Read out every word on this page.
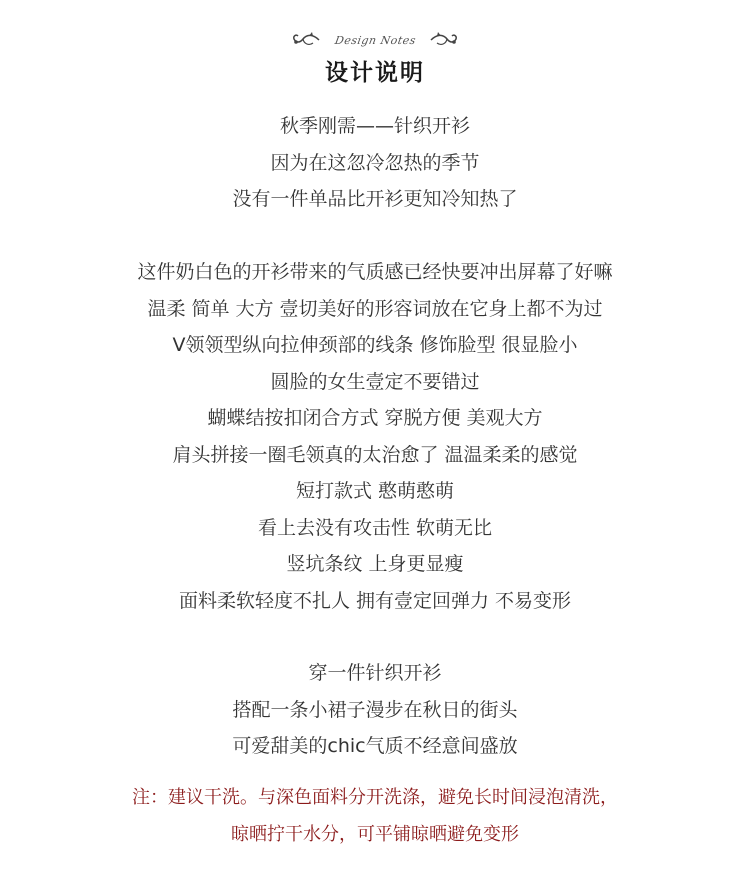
Design Notes
设计说明
秋季刚需——针织开衫
因为在这忽冷忽热的季节
没有一件单品比开衫更知冷知热了
这件奶白色的开衫带来的气质感已经快要冲出屏幕了好嘛
温柔 简单 大方 壹切美好的形容词放在它身上都不为过
V领领型纵向拉伸颈部的线条 修饰脸型 很显脸小
圆脸的女生壹定不要错过
蝴蝶结按扣闭合方式 穿脱方便 美观大方
肩头拼接一圈毛领真的太治愈了 温温柔柔的感觉
短打款式 憨萌憨萌
看上去没有攻击性 软萌无比
竖坑条纹 上身更显瘦
面料柔软轻度不扎人 拥有壹定回弹力 不易变形
穿一件针织开衫
搭配一条小裙子漫步在秋日的街头
可爱甜美的chic气质不经意间盛放
注：建议干洗。与深色面料分开洗涤，避免长时间浸泡清洗，
晾晒拧干水分，可平铺晾晒避免变形
